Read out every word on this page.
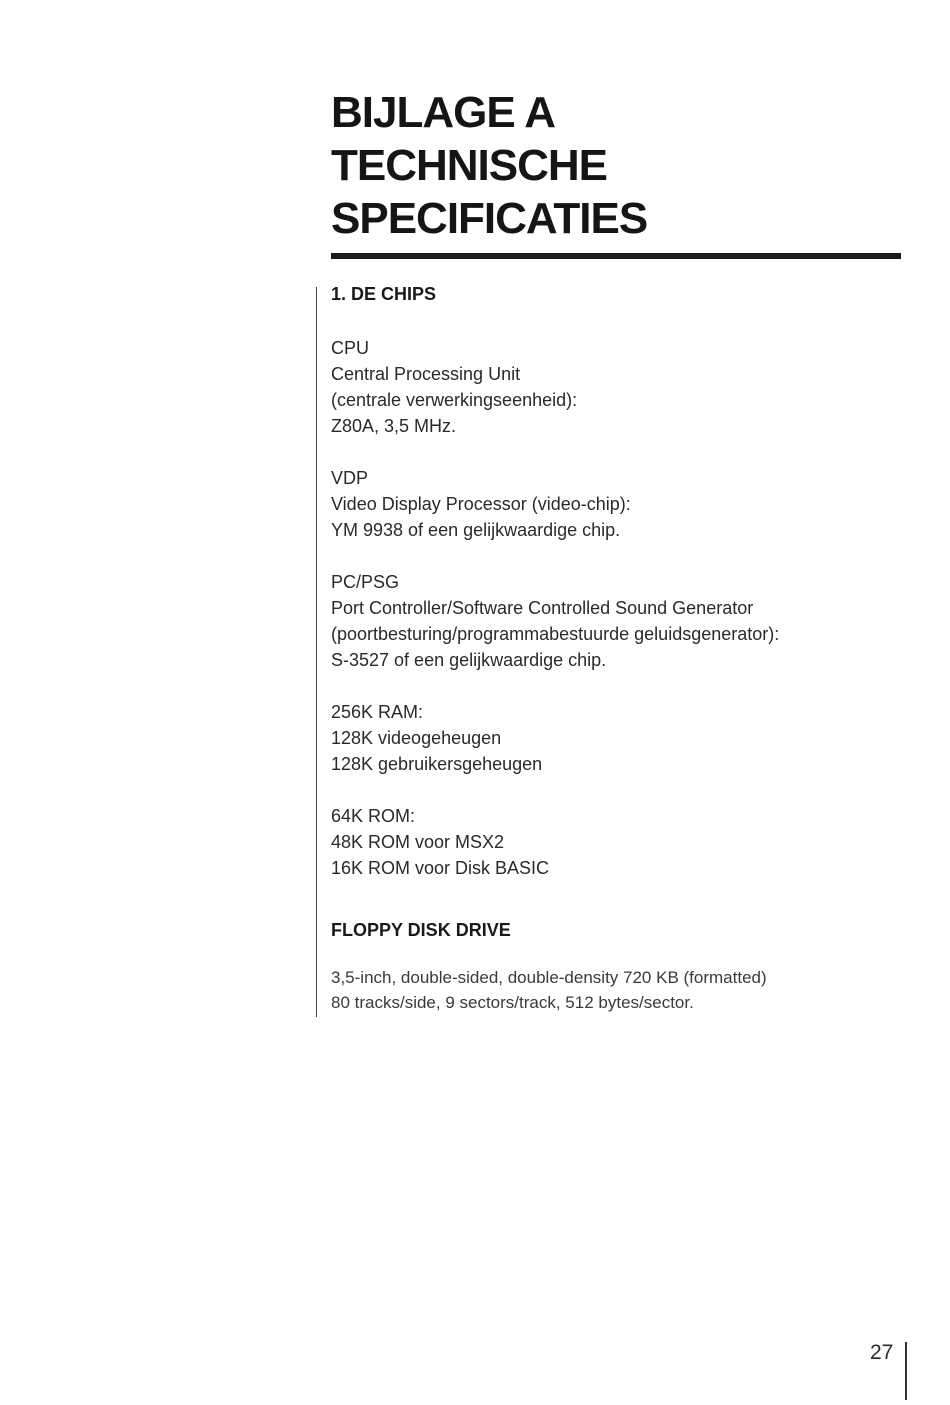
BIJLAGE A
TECHNISCHE
SPECIFICATIES
1. DE CHIPS
CPU
Central Processing Unit
(centrale verwerkingseenheid):
Z80A, 3,5 MHz.
VDP
Video Display Processor (video-chip):
YM 9938 of een gelijkwaardige chip.
PC/PSG
Port Controller/Software Controlled Sound Generator
(poortbesturing/programmabestuurde geluidsgenerator):
S-3527 of een gelijkwaardige chip.
256K RAM:
128K videogeheugen
128K gebruikersgeheugen
64K ROM:
48K ROM voor MSX2
16K ROM voor Disk BASIC
FLOPPY DISK DRIVE
3,5-inch, double-sided, double-density 720 KB (formatted)
80 tracks/side, 9 sectors/track, 512 bytes/sector.
27
